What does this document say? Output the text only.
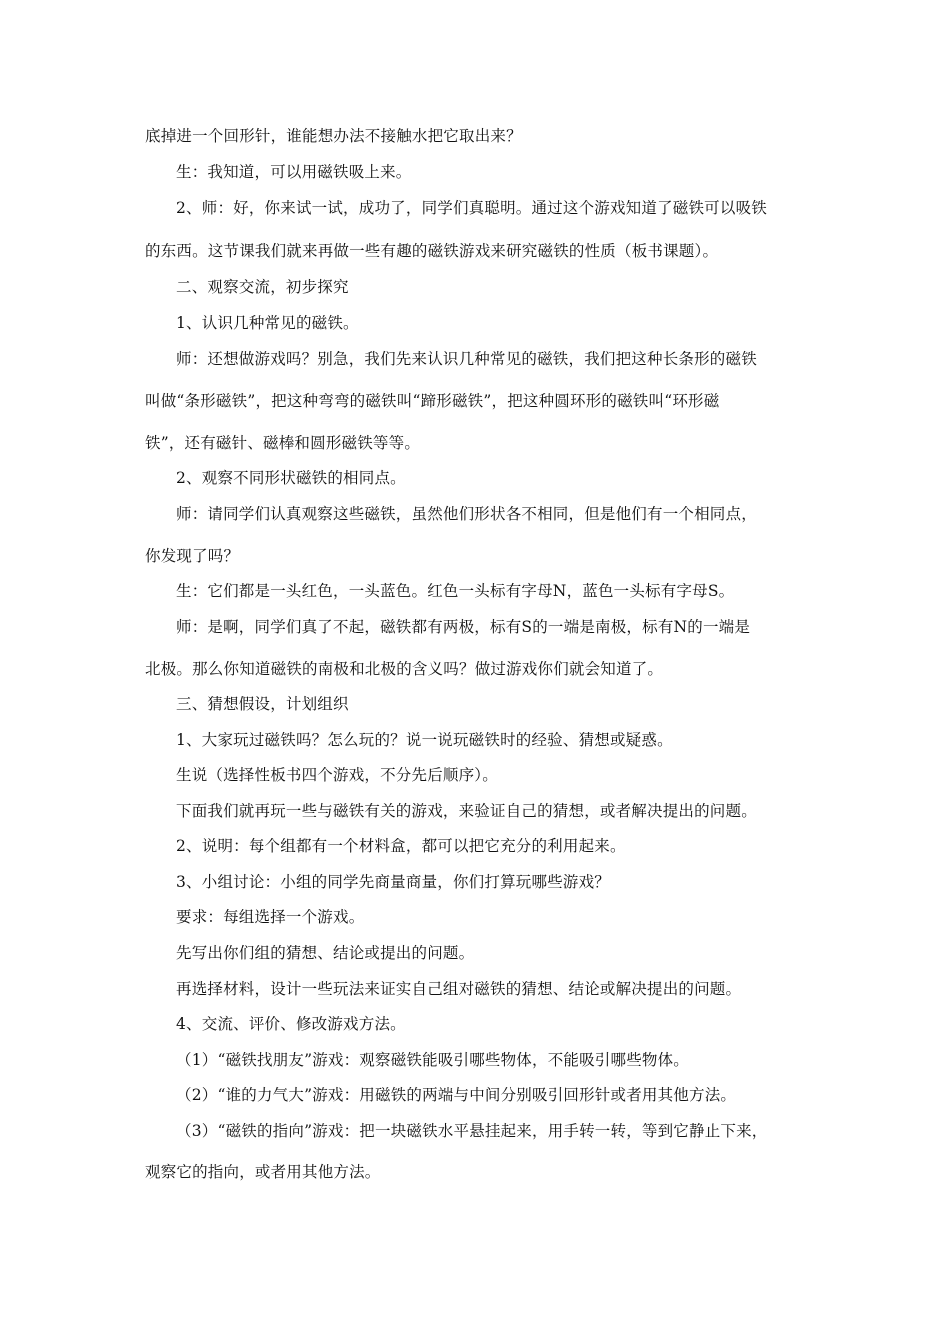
底掉进一个回形针，谁能想办法不接触水把它取出来？
生：我知道，可以用磁铁吸上来。
2、师：好，你来试一试，成功了，同学们真聪明。通过这个游戏知道了磁铁可以吸铁
的东西。这节课我们就来再做一些有趣的磁铁游戏来研究磁铁的性质（板书课题）。
二、观察交流，初步探究
1、认识几种常见的磁铁。
师：还想做游戏吗？别急，我们先来认识几种常见的磁铁，我们把这种长条形的磁铁
叫做“条形磁铁”，把这种弯弯的磁铁叫“蹄形磁铁”，把这种圆环形的磁铁叫“环形磁
铁”，还有磁针、磁棒和圆形磁铁等等。
2、观察不同形状磁铁的相同点。
师：请同学们认真观察这些磁铁，虽然他们形状各不相同，但是他们有一个相同点，
你发现了吗？
生：它们都是一头红色，一头蓝色。红色一头标有字母N，蓝色一头标有字母S。
师：是啊，同学们真了不起，磁铁都有两极，标有S的一端是南极，标有N的一端是
北极。那么你知道磁铁的南极和北极的含义吗？做过游戏你们就会知道了。
三、猜想假设，计划组织
1、大家玩过磁铁吗？怎么玩的？说一说玩磁铁时的经验、猜想或疑惑。
生说（选择性板书四个游戏，不分先后顺序）。
下面我们就再玩一些与磁铁有关的游戏，来验证自己的猜想，或者解决提出的问题。
2、说明：每个组都有一个材料盒，都可以把它充分的利用起来。
3、小组讨论：小组的同学先商量商量，你们打算玩哪些游戏？
要求：每组选择一个游戏。
先写出你们组的猜想、结论或提出的问题。
再选择材料，设计一些玩法来证实自己组对磁铁的猜想、结论或解决提出的问题。
4、交流、评价、修改游戏方法。
（1）“磁铁找朋友”游戏：观察磁铁能吸引哪些物体，不能吸引哪些物体。
（2）“谁的力气大”游戏：用磁铁的两端与中间分别吸引回形针或者用其他方法。
（3）“磁铁的指向”游戏：把一块磁铁水平悬挂起来，用手转一转，等到它静止下来，
观察它的指向，或者用其他方法。
